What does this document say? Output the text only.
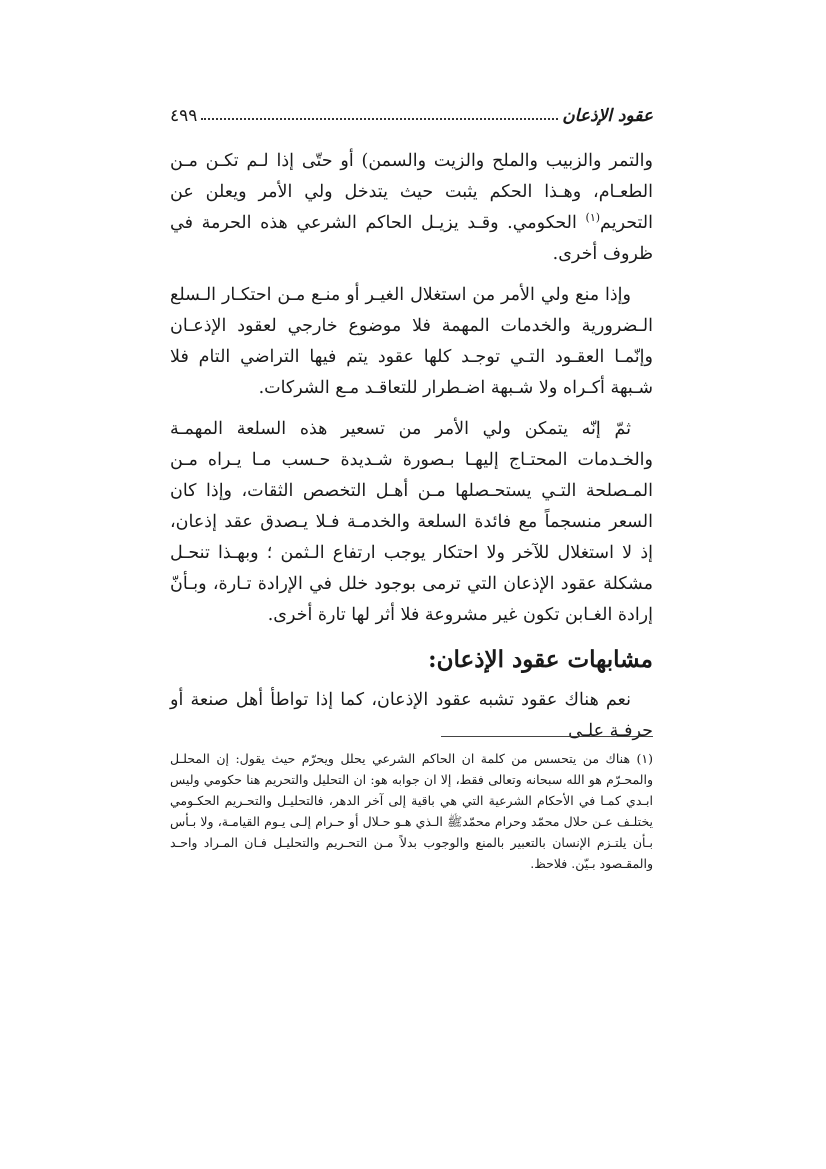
عقود الإذعان
٤٩٩

والتمر والزبيب والملح والزيت والسمن) أو حتّى إذا لـم تكـن مـن الطعـام، وهـذا الحكم يثبت حيث يتدخل ولي الأمر ويعلن عن التحريم$^{(١)}$ الحكومي. وقـد يزيـل الحاكم الشرعي هذه الحرمة في ظروف أخرى.

وإذا منع ولي الأمر من استغلال الغيـر أو منـع مـن احتكـار الـسلع الـضرورية والخدمات المهمة فلا موضوع خارجي لعقود الإذعـان وإنّمـا العقـود التـي توجـد كلها عقود يتم فيها التراضي التام فلا شـبهة أكـراه ولا شـبهة اضـطرار للتعاقـد مـع الشركات.

ثمّ إنّه يتمكن ولي الأمر من تسعير هذه السلعة المهمـة والخـدمات المحتـاج إليهـا بـصورة شـديدة حـسب مـا يـراه مـن المـصلحة التـي يستحـصلها مـن أهـل التخصص الثقات، وإذا كان السعر منسجماً مع فائدة السلعة والخدمـة فـلا يـصدق عقد إذعان، إذ لا استغلال للآخر ولا احتكار يوجب ارتفاع الـثمن ؛ وبهـذا تنحـل مشكلة عقود الإذعان التي ترمى بوجود خلل في الإرادة تـارة، وبـأنّ إرادة الغـابن تكون غير مشروعة فلا أثر لها تارة أخرى.

مشابهات عقود الإذعان:

نعم هناك عقود تشبه عقود الإذعان، كما إذا تواطأ أهل صنعة أو حرفـة علـى

(١) هناك من يتحسس من كلمة ان الحاكم الشرعي يحلل ويحرّم حيث يقول: إن المحلـل والمحـرّم هو الله سبحانه وتعالى فقط، إلا ان جوابه هو: ان التحليل والتحريم هنا حكومي وليس ابـدي كمـا في الأحكام الشرعية التي هي باقية إلى آخر الدهر، فالتحليـل والتحـريم الحكـومي يختلـف عـن حلال محمّد وحرام محمّدﷺ الـذي هـو حـلال أو حـرام إلـى يـوم القيامـة، ولا بـأس بـأن يلتـزم الإنسان بالتعبير بالمنع والوجوب بدلاً مـن التحـريم والتحليـل فـان المـراد واحـد والمقـصود بـيّن. فلاحظ.
